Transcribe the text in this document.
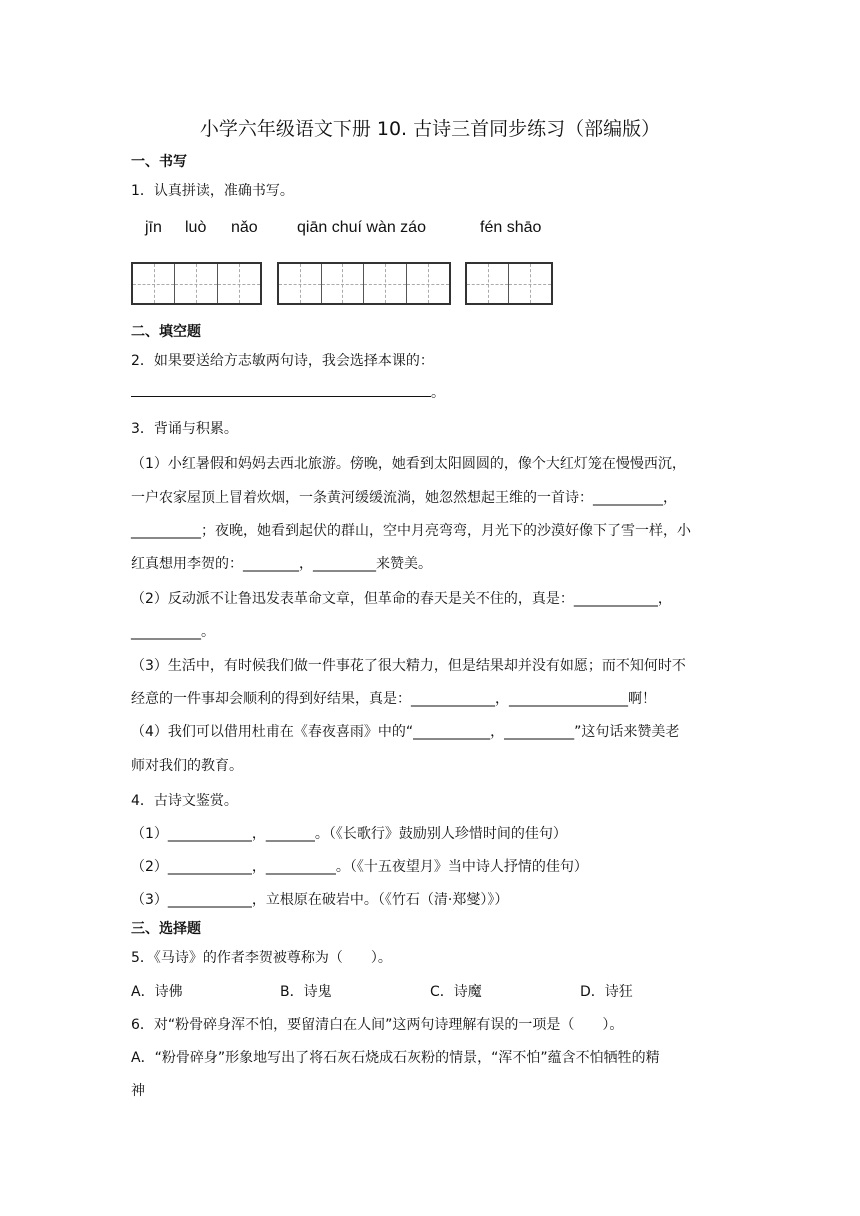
小学六年级语文下册 10. 古诗三首同步练习（部编版）
一、书写
1．认真拼读，准确书写。
jīn luò nǎo qiān chuí wàn záo	fén shāo
二、填空题
2．如果要送给方志敏两句诗，我会选择本课的：
。
3．背诵与积累。
（1）小红暑假和妈妈去西北旅游。傍晚，她看到太阳圆圆的，像个大红灯笼在慢慢西沉，
一户农家屋顶上冒着炊烟，一条黄河缓缓流淌，她忽然想起王维的一首诗：__________，
__________；夜晚，她看到起伏的群山，空中月亮弯弯，月光下的沙漠好像下了雪一样，小
红真想用李贺的：________，_________来赞美。
（2）反动派不让鲁迅发表革命文章，但革命的春天是关不住的，真是：____________，
__________。
（3）生活中，有时候我们做一件事花了很大精力，但是结果却并没有如愿；而不知何时不
经意的一件事却会顺利的得到好结果，真是：____________，_________________啊！
（4）我们可以借用杜甫在《春夜喜雨》中的“___________，__________”这句话来赞美老
师对我们的教育。
4．古诗文鉴赏。
（1）____________，_______。（《长歌行》鼓励别人珍惜时间的佳句）
（2）____________，__________。（《十五夜望月》当中诗人抒情的佳句）
（3）____________，立根原在破岩中。（《竹石（清·郑燮）》）
三、选择题
5．《马诗》的作者李贺被尊称为（　　）。
A．诗佛	B．诗鬼	C．诗魔	D．诗狂
6．对“粉骨碎身浑不怕，要留清白在人间”这两句诗理解有误的一项是（　　）。
A．“粉骨碎身”形象地写出了将石灰石烧成石灰粉的情景，“浑不怕”蕴含不怕牺牲的精
神
